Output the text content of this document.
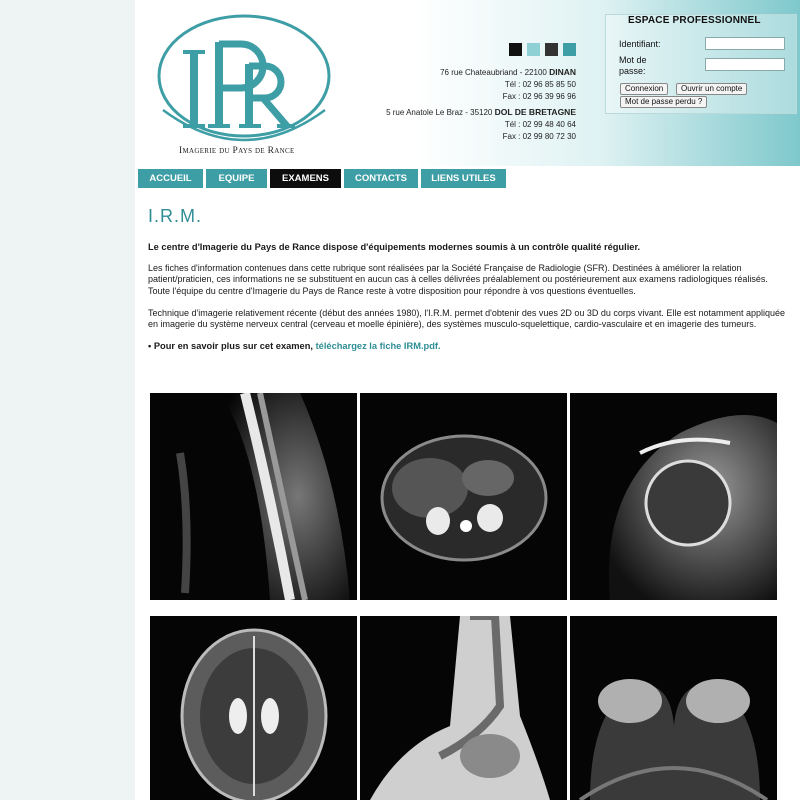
Imagerie du Pays de Rance
76 rue Chateaubriand - 22100 DINAN
Tél : 02 96 85 85 50
Fax : 02 96 39 96 96
5 rue Anatole Le Braz - 35120 DOL DE BRETAGNE
Tél : 02 99 48 40 64
Fax : 02 99 80 72 30
ESPACE PROFESSIONNEL
Identifiant:
Mot de
passe:
Connexion	Ouvrir un compte
Mot de passe perdu ?
ACCUEIL	EQUIPE	EXAMENS	CONTACTS	LIENS UTILES
I.R.M.

Le centre d'Imagerie du Pays de Rance dispose d'équipements modernes soumis à un contrôle qualité régulier.

Les fiches d'information contenues dans cette rubrique sont réalisées par la Société Française de Radiologie (SFR). Destinées à améliorer la relation patient/praticien, ces informations ne se substituent en aucun cas à celles délivrées préalablement ou postérieurement aux examens radiologiques réalisés. Toute l'équipe du centre d'Imagerie du Pays de Rance reste à votre disposition pour répondre à vos questions éventuelles.

Technique d'imagerie relativement récente (début des années 1980), l'I.R.M. permet d'obtenir des vues 2D ou 3D du corps vivant. Elle est notamment appliquée en imagerie du système nerveux central (cerveau et moelle épinière), des systèmes musculo-squelettique, cardio-vasculaire et en imagerie des tumeurs.

• Pour en savoir plus sur cet examen, téléchargez la fiche IRM.pdf.
